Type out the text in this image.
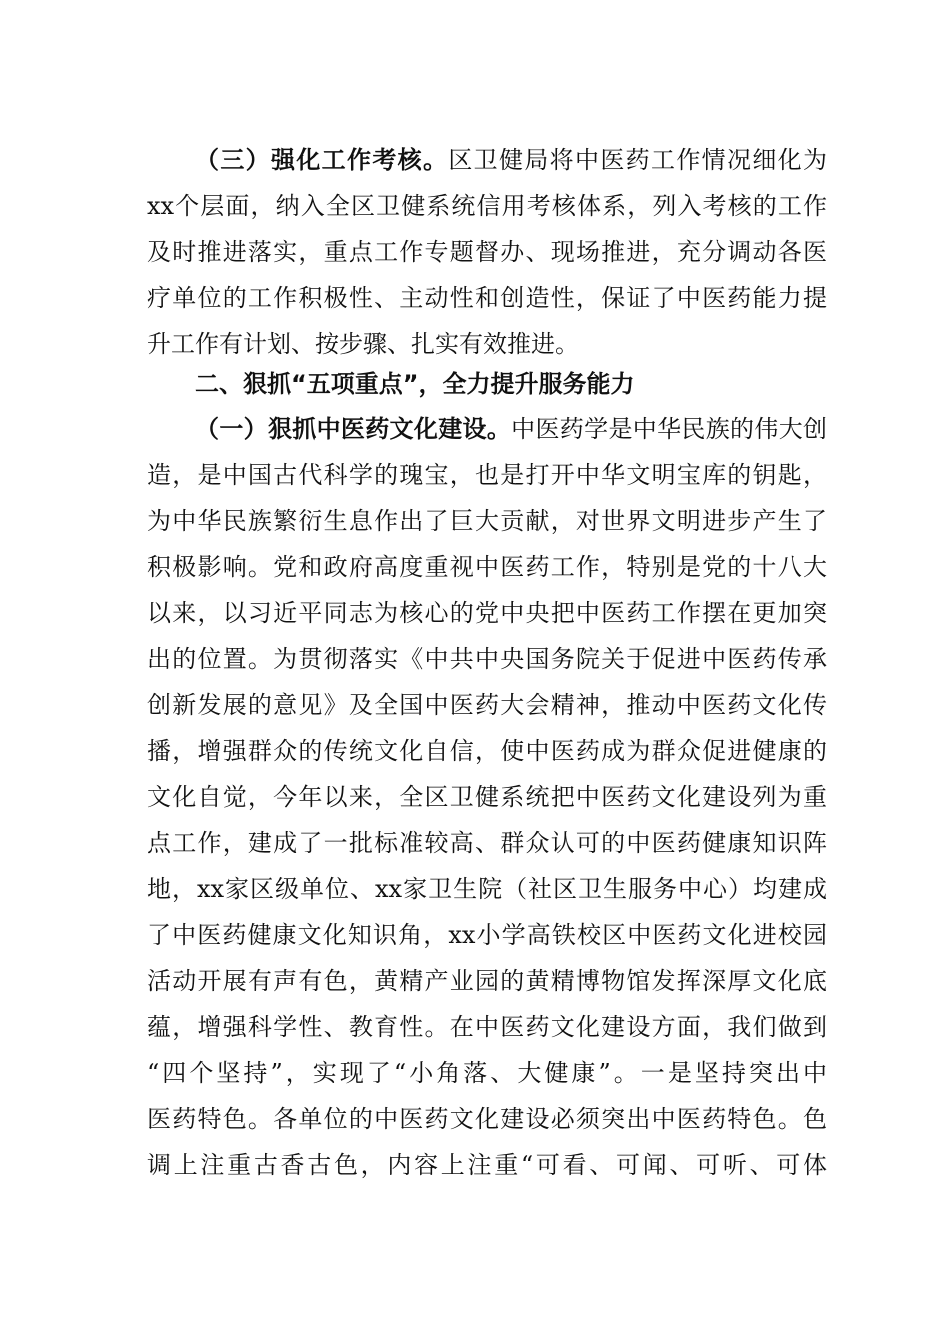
（三）强化工作考核。区卫健局将中医药工作情况细化为
xx个层面，纳入全区卫健系统信用考核体系，列入考核的工作
及时推进落实，重点工作专题督办、现场推进，充分调动各医
疗单位的工作积极性、主动性和创造性，保证了中医药能力提
升工作有计划、按步骤、扎实有效推进。
二、狠抓“五项重点”，全力提升服务能力
（一）狠抓中医药文化建设。中医药学是中华民族的伟大创
造，是中国古代科学的瑰宝，也是打开中华文明宝库的钥匙，
为中华民族繁衍生息作出了巨大贡献，对世界文明进步产生了
积极影响。党和政府高度重视中医药工作，特别是党的十八大
以来，以习近平同志为核心的党中央把中医药工作摆在更加突
出的位置。为贯彻落实《中共中央国务院关于促进中医药传承
创新发展的意见》及全国中医药大会精神，推动中医药文化传
播，增强群众的传统文化自信，使中医药成为群众促进健康的
文化自觉，今年以来，全区卫健系统把中医药文化建设列为重
点工作，建成了一批标准较高、群众认可的中医药健康知识阵
地，xx家区级单位、xx家卫生院（社区卫生服务中心）均建成
了中医药健康文化知识角，xx小学高铁校区中医药文化进校园
活动开展有声有色，黄精产业园的黄精博物馆发挥深厚文化底
蕴，增强科学性、教育性。在中医药文化建设方面，我们做到
“四个坚持”，实现了“小角落、大健康”。一是坚持突出中
医药特色。各单位的中医药文化建设必须突出中医药特色。色
调上注重古香古色，内容上注重“可看、可闻、可听、可体
